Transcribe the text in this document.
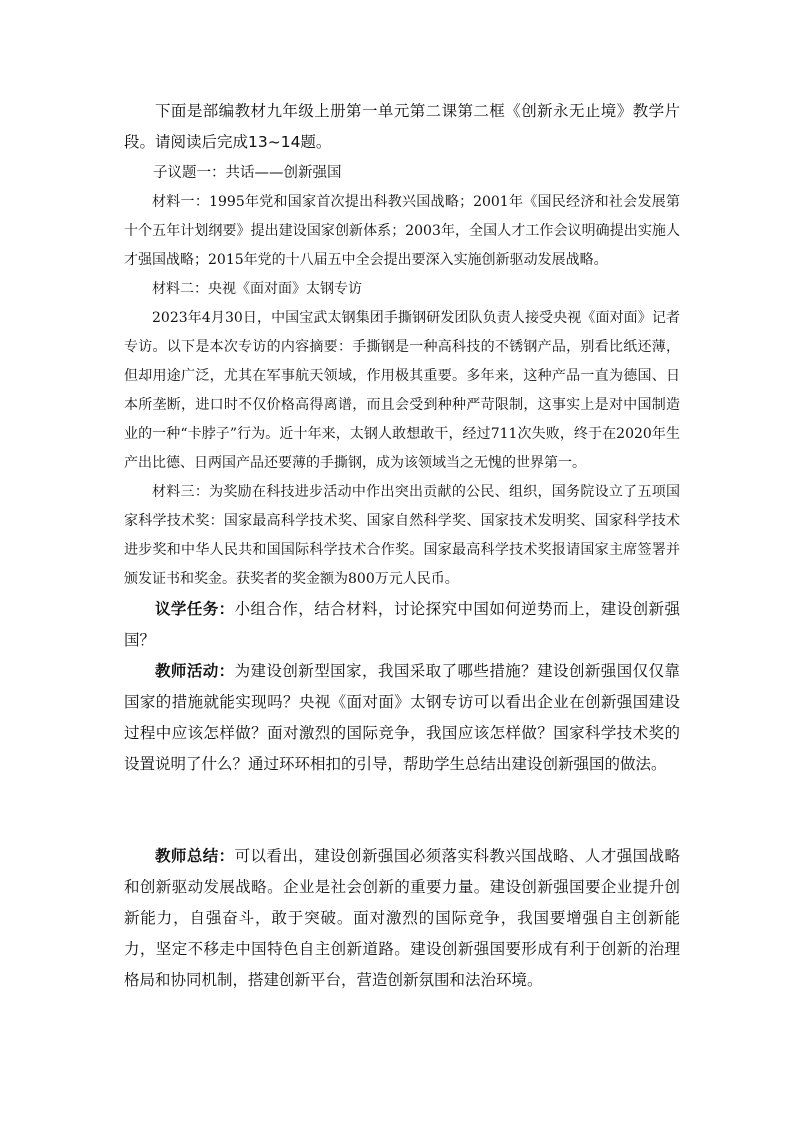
下面是部编教材九年级上册第一单元第二课第二框《创新永无止境》教学片段。请阅读后完成13~14题。

子议题一：共话——创新强国

材料一：1995年党和国家首次提出科教兴国战略；2001年《国民经济和社会发展第十个五年计划纲要》提出建设国家创新体系；2003年，全国人才工作会议明确提出实施人才强国战略；2015年党的十八届五中全会提出要深入实施创新驱动发展战略。

材料二：央视《面对面》太钢专访

2023年4月30日，中国宝武太钢集团手撕钢研发团队负责人接受央视《面对面》记者专访。以下是本次专访的内容摘要：手撕钢是一种高科技的不锈钢产品，别看比纸还薄，但却用途广泛，尤其在军事航天领域，作用极其重要。多年来，这种产品一直为德国、日本所垄断，进口时不仅价格高得离谱，而且会受到种种严苛限制，这事实上是对中国制造业的一种“卡脖子”行为。近十年来，太钢人敢想敢干，经过711次失败，终于在2020年生产出比德、日两国产品还要薄的手撕钢，成为该领域当之无愧的世界第一。

材料三：为奖励在科技进步活动中作出突出贡献的公民、组织，国务院设立了五项国家科学技术奖：国家最高科学技术奖、国家自然科学奖、国家技术发明奖、国家科学技术进步奖和中华人民共和国国际科学技术合作奖。国家最高科学技术奖报请国家主席签署并颁发证书和奖金。获奖者的奖金额为800万元人民币。

议学任务：小组合作，结合材料，讨论探究中国如何逆势而上，建设创新强国？

教师活动：为建设创新型国家，我国采取了哪些措施？建设创新强国仅仅靠国家的措施就能实现吗？央视《面对面》太钢专访可以看出企业在创新强国建设过程中应该怎样做？面对激烈的国际竞争，我国应该怎样做？国家科学技术奖的设置说明了什么？通过环环相扣的引导，帮助学生总结出建设创新强国的做法。

教师总结：可以看出，建设创新强国必须落实科教兴国战略、人才强国战略和创新驱动发展战略。企业是社会创新的重要力量。建设创新强国要企业提升创新能力，自强奋斗，敢于突破。面对激烈的国际竞争，我国要增强自主创新能力，坚定不移走中国特色自主创新道路。建设创新强国要形成有利于创新的治理格局和协同机制，搭建创新平台，营造创新氛围和法治环境。
